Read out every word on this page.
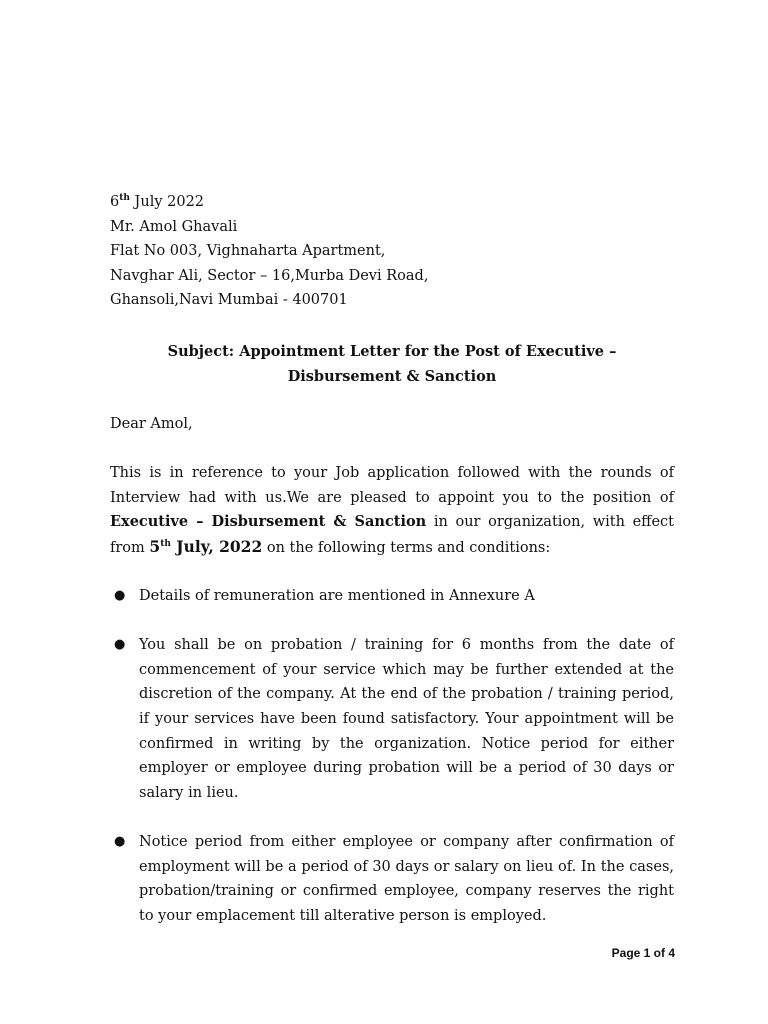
6th July 2022
Mr. Amol Ghavali
Flat No 003, Vighnaharta Apartment,
Navghar Ali, Sector – 16,Murba Devi Road,
Ghansoli,Navi Mumbai - 400701
Subject: Appointment Letter for the Post of Executive –
Disbursement & Sanction
Dear Amol,
This is in reference to your Job application followed with the rounds of Interview had with us.We are pleased to appoint you to the position of Executive – Disbursement & Sanction in our organization, with effect from 5th July, 2022 on the following terms and conditions:
● Details of remuneration are mentioned in Annexure A
● You shall be on probation / training for 6 months from the date of commencement of your service which may be further extended at the discretion of the company. At the end of the probation / training period, if your services have been found satisfactory. Your appointment will be confirmed in writing by the organization. Notice period for either employer or employee during probation will be a period of 30 days or salary in lieu.
● Notice period from either employee or company after confirmation of employment will be a period of 30 days or salary on lieu of. In the cases, probation/training or confirmed employee, company reserves the right to your emplacement till alterative person is employed.
Page 1 of 4
